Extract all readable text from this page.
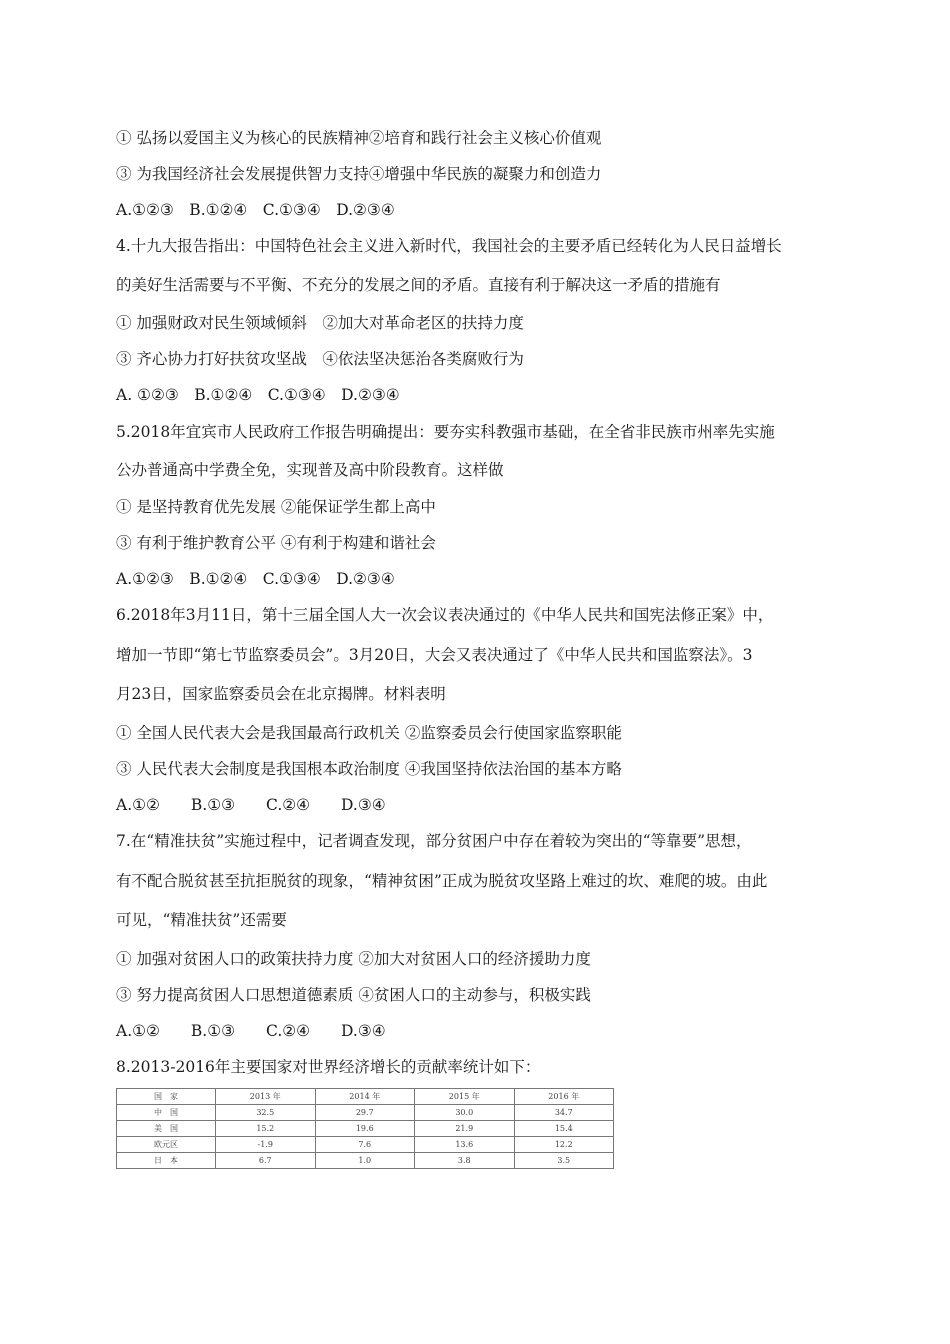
① 弘扬以爱国主义为核心的民族精神②培育和践行社会主义核心价值观
③ 为我国经济社会发展提供智力支持④增强中华民族的凝聚力和创造力
A.①②③　B.①②④　C.①③④　D.②③④
4.十九大报告指出：中国特色社会主义进入新时代，我国社会的主要矛盾已经转化为人民日益增长
的美好生活需要与不平衡、不充分的发展之间的矛盾。直接有利于解决这一矛盾的措施有
① 加强财政对民生领域倾斜　②加大对革命老区的扶持力度
③ 齐心协力打好扶贫攻坚战　④依法坚决惩治各类腐败行为
A. ①②③　B.①②④　C.①③④　D.②③④
5.2018年宜宾市人民政府工作报告明确提出：要夯实科教强市基础，在全省非民族市州率先实施
公办普通高中学费全免，实现普及高中阶段教育。这样做
① 是坚持教育优先发展 ②能保证学生都上高中
③ 有利于维护教育公平 ④有利于构建和谐社会
A.①②③　B.①②④　C.①③④　D.②③④
6.2018年3月11日，第十三届全国人大一次会议表决通过的《中华人民共和国宪法修正案》中，
增加一节即“第七节监察委员会”。3月20日，大会又表决通过了《中华人民共和国监察法》。3
月23日，国家监察委员会在北京揭牌。材料表明
① 全国人民代表大会是我国最高行政机关 ②监察委员会行使国家监察职能
③ 人民代表大会制度是我国根本政治制度 ④我国坚持依法治国的基本方略
A.①②　　B.①③　　C.②④　　D.③④
7.在“精准扶贫”实施过程中，记者调查发现，部分贫困户中存在着较为突出的“等靠要”思想，
有不配合脱贫甚至抗拒脱贫的现象，“精神贫困”正成为脱贫攻坚路上难过的坎、难爬的坡。由此
可见，“精准扶贫”还需要
① 加强对贫困人口的政策扶持力度 ②加大对贫困人口的经济援助力度
③ 努力提高贫困人口思想道德素质 ④贫困人口的主动参与，积极实践
A.①②　　B.①③　　C.②④　　D.③④
8.2013-2016年主要国家对世界经济增长的贡献率统计如下：
国　家	2013 年	2014 年	2015 年	2016 年
中　国	32.5	29.7	30.0	34.7
美　国	15.2	19.6	21.9	15.4
欧元区	-1.9	7.6	13.6	12.2
日　本	6.7	1.0	3.8	3.5
